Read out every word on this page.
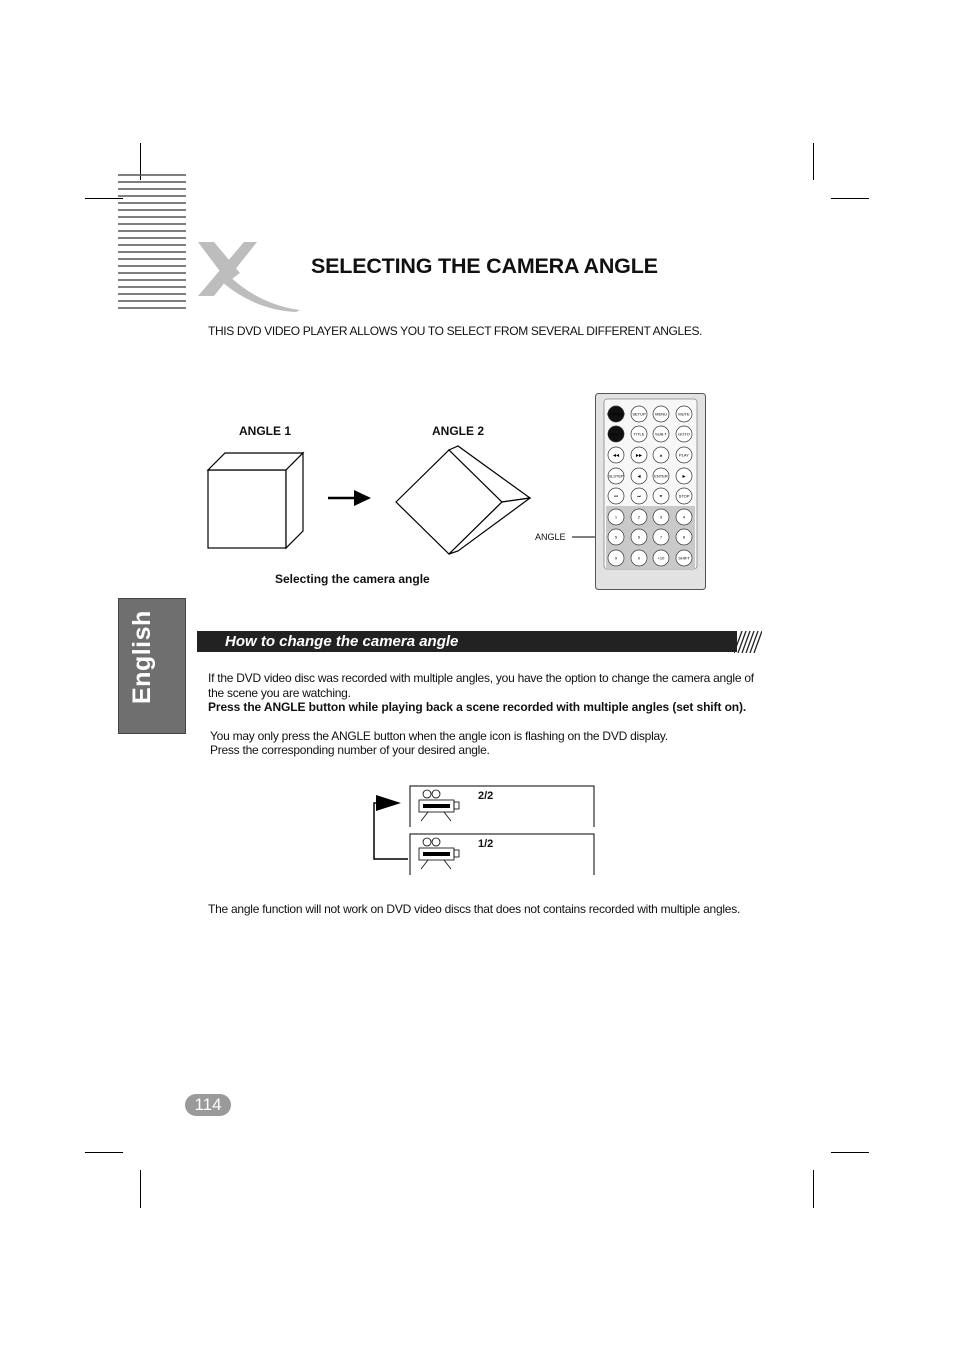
SELECTING THE CAMERA ANGLE
THIS DVD VIDEO PLAYER ALLOWS YOU TO SELECT FROM SEVERAL DIFFERENT ANGLES.
ANGLE 1	ANGLE 2
Selecting the camera angle
ANGLE
STANDBY SETUP MENU	MUTE
DISPLAY TITLE	SUB-T	GOTO
◀◀	▶▶	▲	PLAY
SLSTEP	◀	ENTER	▶
⏮	⏭	▼	STOP
1	2	3	4
5	6	7	8
9	0	+10	SHIFT
English	How to change the camera angle
If the DVD video disc was recorded with multiple angles, you have the option to change the camera angle of the scene you are watching.
Press the ANGLE button while playing back a scene recorded with multiple angles (set shift on).
You may only press the ANGLE button when the angle icon is flashing on the DVD display.
Press the corresponding number of your desired angle.
2/2
1/2
The angle function will not work on DVD video discs that does not contains recorded with multiple angles.
114
